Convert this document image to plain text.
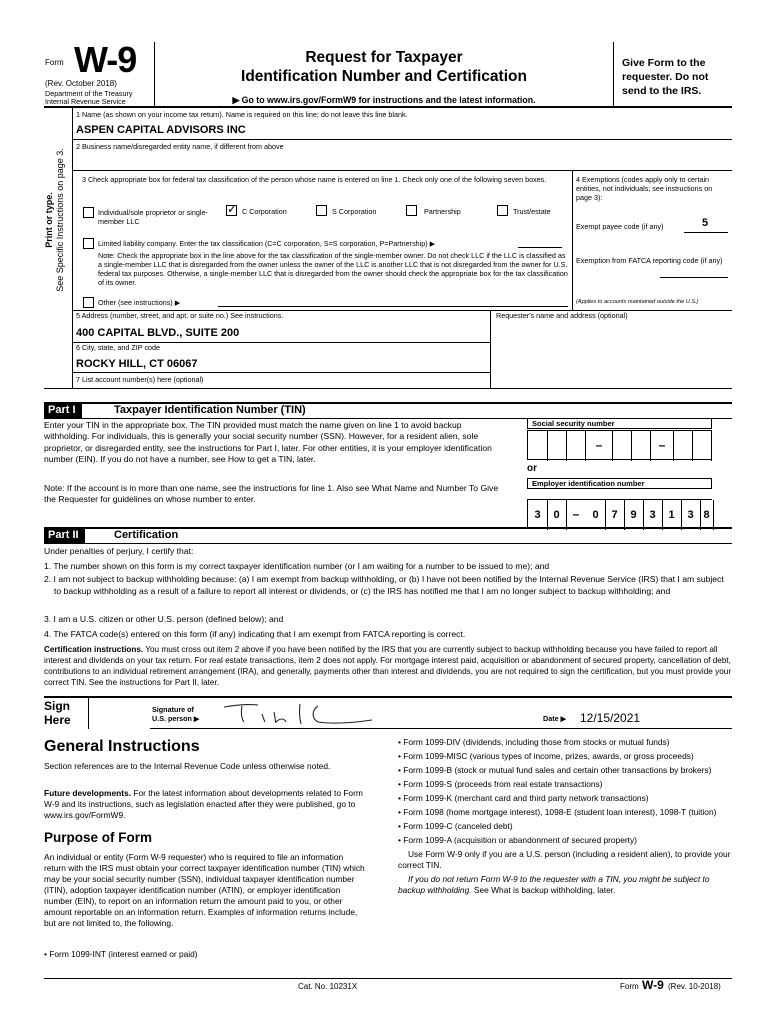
Form W-9
(Rev. October 2018)
Department of the Treasury
Internal Revenue Service
Request for Taxpayer
Identification Number and Certification
▶ Go to www.irs.gov/FormW9 for instructions and the latest information.
Give Form to the requester. Do not send to the IRS.
Print or type. See Specific Instructions on page 3.
1 Name (as shown on your income tax return). Name is required on this line; do not leave this line blank.
ASPEN CAPITAL ADVISORS INC
2 Business name/disregarded entity name, if different from above
3 Check appropriate box for federal tax classification of the person whose name is entered on line 1. Check only one of the following seven boxes.
Individual/sole proprietor or single-member LLC
✓ C Corporation	S Corporation	Partnership	Trust/estate
Limited liability company. Enter the tax classification (C=C corporation, S=S corporation, P=Partnership) ▶
Note: Check the appropriate box in the line above for the tax classification of the single-member owner. Do not check LLC if the LLC is classified as a single-member LLC that is disregarded from the owner unless the owner of the LLC is another LLC that is not disregarded from the owner for U.S. federal tax purposes. Otherwise, a single-member LLC that is disregarded from the owner should check the appropriate box for the tax classification of its owner.
Other (see instructions) ▶
4 Exemptions (codes apply only to certain entities, not individuals; see instructions on page 3):
Exempt payee code (if any)	5
Exemption from FATCA reporting code (if any)
(Applies to accounts maintained outside the U.S.)
5 Address (number, street, and apt. or suite no.) See instructions.	Requester's name and address (optional)
400 CAPITAL BLVD., SUITE 200
6 City, state, and ZIP code
ROCKY HILL, CT 06067
7 List account number(s) here (optional)
Part I	Taxpayer Identification Number (TIN)
Enter your TIN in the appropriate box. The TIN provided must match the name given on line 1 to avoid backup withholding. For individuals, this is generally your social security number (SSN). However, for a resident alien, sole proprietor, or disregarded entity, see the instructions for Part I, later. For other entities, it is your employer identification number (EIN). If you do not have a number, see How to get a TIN, later.
Note: If the account is in more than one name, see the instructions for line 1. Also see What Name and Number To Give the Requester for guidelines on whose number to enter.
Social security number
–	–
or
Employer identification number
3	0	–	0	7	9	3	1	3 8
Part II	Certification
Under penalties of perjury, I certify that:
1. The number shown on this form is my correct taxpayer identification number (or I am waiting for a number to be issued to me); and
2. I am not subject to backup withholding because: (a) I am exempt from backup withholding, or (b) I have not been notified by the Internal Revenue Service (IRS) that I am subject to backup withholding as a result of a failure to report all interest or dividends, or (c) the IRS has notified me that I am no longer subject to backup withholding; and
3. I am a U.S. citizen or other U.S. person (defined below); and
4. The FATCA code(s) entered on this form (if any) indicating that I am exempt from FATCA reporting is correct.
Certification instructions. You must cross out item 2 above if you have been notified by the IRS that you are currently subject to backup withholding because you have failed to report all interest and dividends on your tax return. For real estate transactions, item 2 does not apply. For mortgage interest paid, acquisition or abandonment of secured property, cancellation of debt, contributions to an individual retirement arrangement (IRA), and generally, payments other than interest and dividends, you are not required to sign the certification, but you must provide your correct TIN. See the instructions for Part II, later.
Sign
Here
Signature of
U.S. person ▶	Date ▶ 12/15/2021
General Instructions
Section references are to the Internal Revenue Code unless otherwise noted.
Future developments. For the latest information about developments related to Form W-9 and its instructions, such as legislation enacted after they were published, go to www.irs.gov/FormW9.
Purpose of Form
An individual or entity (Form W-9 requester) who is required to file an information return with the IRS must obtain your correct taxpayer identification number (TIN) which may be your social security number (SSN), individual taxpayer identification number (ITIN), adoption taxpayer identification number (ATIN), or employer identification number (EIN), to report on an information return the amount paid to you, or other amount reportable on an information return. Examples of information returns include, but are not limited to, the following.
• Form 1099-INT (interest earned or paid)
• Form 1099-DIV (dividends, including those from stocks or mutual funds)
• Form 1099-MISC (various types of income, prizes, awards, or gross proceeds)
• Form 1099-B (stock or mutual fund sales and certain other transactions by brokers)
• Form 1099-S (proceeds from real estate transactions)
• Form 1099-K (merchant card and third party network transactions)
• Form 1098 (home mortgage interest), 1098-E (student loan interest), 1098-T (tuition)
• Form 1099-C (canceled debt)
• Form 1099-A (acquisition or abandonment of secured property)
Use Form W-9 only if you are a U.S. person (including a resident alien), to provide your correct TIN.
If you do not return Form W-9 to the requester with a TIN, you might be subject to backup withholding. See What is backup withholding, later.
Cat. No. 10231X	Form W-9 (Rev. 10-2018)
